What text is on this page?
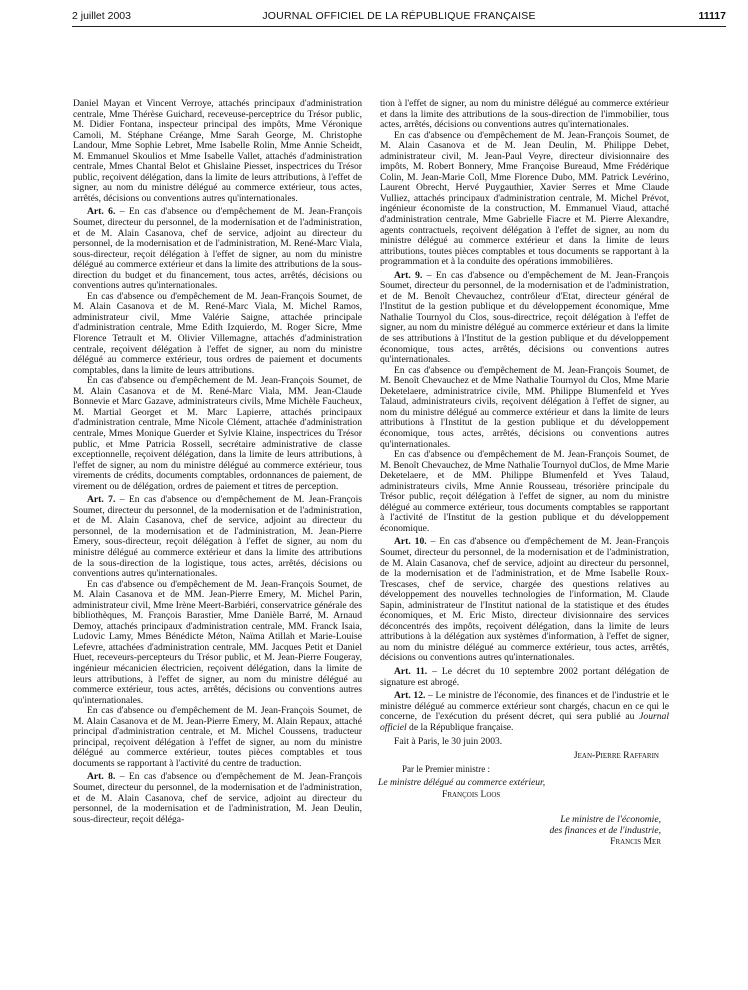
2 juillet 2003	JOURNAL OFFICIEL DE LA RÉPUBLIQUE FRANÇAISE	11117

Daniel Mayan et Vincent Verroye, attachés principaux d'administration centrale, Mme Thérèse Guichard, receveuse-perceptrice du Trésor public, M. Didier Fontana, inspecteur principal des impôts, Mme Véronique Camoli, M. Stéphane Créange, Mme Sarah George, M. Christophe Landour, Mme Sophie Lebret, Mme Isabelle Rolin, Mme Annie Scheidt, M. Emmanuel Skoulios et Mme Isabelle Vallet, attachés d'administration centrale, Mmes Chantal Belot et Ghislaine Piesset, inspectrices du Trésor public, reçoivent délégation, dans la limite de leurs attributions, à l'effet de signer, au nom du ministre délégué au commerce extérieur, tous actes, arrêtés, décisions ou conventions autres qu'internationales.

Art. 6. – En cas d'absence ou d'empêchement de M. Jean-François Soumet, directeur du personnel, de la modernisation et de l'administration, et de M. Alain Casanova, chef de service, adjoint au directeur du personnel, de la modernisation et de l'administration, M. René-Marc Viala, sous-directeur, reçoit délégation à l'effet de signer, au nom du ministre délégué au commerce extérieur et dans la limite des attributions de la sous-direction du budget et du financement, tous actes, arrêtés, décisions ou conventions autres qu'internationales.

En cas d'absence ou d'empêchement de M. Jean-François Soumet, de M. Alain Casanova et de M. René-Marc Viala, M. Michel Ramos, administrateur civil, Mme Valérie Saigne, attachée principale d'administration centrale, Mme Edith Izquierdo, M. Roger Sicre, Mme Florence Tetrault et M. Olivier Villemagne, attachés d'administration centrale, reçoivent délégation à l'effet de signer, au nom du ministre délégué au commerce extérieur, tous ordres de paiement et documents comptables, dans la limite de leurs attributions.

En cas d'absence ou d'empêchement de M. Jean-François Soumet, de M. Alain Casanova et de M. René-Marc Viala, MM. Jean-Claude Bonnevie et Marc Gazave, administrateurs civils, Mme Michèle Faucheux, M. Martial Georget et M. Marc Lapierre, attachés principaux d'administration centrale, Mme Nicole Clément, attachée d'administration centrale, Mmes Monique Guerder et Sylvie Klaine, inspectrices du Trésor public, et Mme Patricia Rossell, secrétaire administrative de classe exceptionnelle, reçoivent délégation, dans la limite de leurs attributions, à l'effet de signer, au nom du ministre délégué au commerce extérieur, tous virements de crédits, documents comptables, ordonnances de paiement, de virement ou de délégation, ordres de paiement et titres de perception.

Art. 7. – En cas d'absence ou d'empêchement de M. Jean-François Soumet, directeur du personnel, de la modernisation et de l'administration, et de M. Alain Casanova, chef de service, adjoint au directeur du personnel, de la modernisation et de l'administration, M. Jean-Pierre Emery, sous-directeur, reçoit délégation à l'effet de signer, au nom du ministre délégué au commerce extérieur et dans la limite des attributions de la sous-direction de la logistique, tous actes, arrêtés, décisions ou conventions autres qu'internationales.

En cas d'absence ou d'empêchement de M. Jean-François Soumet, de M. Alain Casanova et de MM. Jean-Pierre Emery, M. Michel Parin, administrateur civil, Mme Irène Meert-Barbiéri, conservatrice générale des bibliothèques, M. François Barastier, Mme Danièle Barré, M. Arnaud Demoy, attachés principaux d'administration centrale, MM. Franck Isaia, Ludovic Lamy, Mmes Bénédicte Méton, Naïma Atillah et Marie-Louise Lefevre, attachées d'administration centrale, MM. Jacques Petit et Daniel Huet, receveurs-percepteurs du Trésor public, et M. Jean-Pierre Fougeray, ingénieur mécanicien électricien, reçoivent délégation, dans la limite de leurs attributions, à l'effet de signer, au nom du ministre délégué au commerce extérieur, tous actes, arrêtés, décisions ou conventions autres qu'internationales.

En cas d'absence ou d'empêchement de M. Jean-François Soumet, de M. Alain Casanova et de M. Jean-Pierre Emery, M. Alain Repaux, attaché principal d'administration centrale, et M. Michel Coussens, traducteur principal, reçoivent délégation à l'effet de signer, au nom du ministre délégué au commerce extérieur, toutes pièces comptables et tous documents se rapportant à l'activité du centre de traduction.

Art. 8. – En cas d'absence ou d'empêchement de M. Jean-François Soumet, directeur du personnel, de la modernisation et de l'administration, et de M. Alain Casanova, chef de service, adjoint au directeur du personnel, de la modernisation et de l'administration, M. Jean Deulin, sous-directeur, reçoit déléga-

tion à l'effet de signer, au nom du ministre délégué au commerce extérieur et dans la limite des attributions de la sous-direction de l'immobilier, tous actes, arrêtés, décisions ou conventions autres qu'internationales.

En cas d'absence ou d'empêchement de M. Jean-François Soumet, de M. Alain Casanova et de M. Jean Deulin, M. Philippe Debet, administrateur civil, M. Jean-Paul Veyre, directeur divisionnaire des impôts, M. Robert Bonnery, Mme Françoise Bureaud, Mme Frédérique Colin, M. Jean-Marie Coll, Mme Florence Dubo, MM. Patrick Levérino, Laurent Obrecht, Hervé Puygauthier, Xavier Serres et Mme Claude Vulliez, attachés principaux d'administration centrale, M. Michel Prévot, ingénieur économiste de la construction, M. Emmanuel Viaud, attaché d'administration centrale, Mme Gabrielle Fiacre et M. Pierre Alexandre, agents contractuels, reçoivent délégation à l'effet de signer, au nom du ministre délégué au commerce extérieur et dans la limite de leurs attributions, toutes pièces comptables et tous documents se rapportant à la programmation et à la conduite des opérations immobilières.

Art. 9. – En cas d'absence ou d'empêchement de M. Jean-François Soumet, directeur du personnel, de la modernisation et de l'administration, et de M. Benoît Chevauchez, contrôleur d'Etat, directeur général de l'Institut de la gestion publique et du développement économique, Mme Nathalie Tournyol du Clos, sous-directrice, reçoit délégation à l'effet de signer, au nom du ministre délégué au commerce extérieur et dans la limite de ses attributions à l'Institut de la gestion publique et du développement économique, tous actes, arrêtés, décisions ou conventions autres qu'internationales.

En cas d'absence ou d'empêchement de M. Jean-François Soumet, de M. Benoît Chevauchez et de Mme Nathalie Tournyol du Clos, Mme Marie Deketelaere, administratrice civile, MM. Philippe Blumenfeld et Yves Talaud, administrateurs civils, reçoivent délégation à l'effet de signer, au nom du ministre délégué au commerce extérieur et dans la limite de leurs attributions à l'Institut de la gestion publique et du développement économique, tous actes, arrêtés, décisions ou conventions autres qu'internationales.

En cas d'absence ou d'empêchement de M. Jean-François Soumet, de M. Benoît Chevauchez, de Mme Nathalie Tournyol duClos, de Mme Marie Deketelaere, et de MM. Philippe Blumenfeld et Yves Talaud, administrateurs civils, Mme Annie Rousseau, trésorière principale du Trésor public, reçoit délégation à l'effet de signer, au nom du ministre délégué au commerce extérieur, tous documents comptables se rapportant à l'activité de l'Institut de la gestion publique et du développement économique.

Art. 10. – En cas d'absence ou d'empêchement de M. Jean-François Soumet, directeur du personnel, de la modernisation et de l'administration, de M. Alain Casanova, chef de service, adjoint au directeur du personnel, de la modernisation et de l'administration, et de Mme Isabelle Roux-Trescases, chef de service, chargée des questions relatives au développement des nouvelles technologies de l'information, M. Claude Sapin, administrateur de l'Institut national de la statistique et des études économiques, et M. Eric Misto, directeur divisionnaire des services déconcentrés des impôts, reçoivent délégation, dans la limite de leurs attributions à la délégation aux systèmes d'information, à l'effet de signer, au nom du ministre délégué au commerce extérieur, tous actes, arrêtés, décisions ou conventions autres qu'internationales.

Art. 11. – Le décret du 10 septembre 2002 portant délégation de signature est abrogé.

Art. 12. – Le ministre de l'économie, des finances et de l'industrie et le ministre délégué au commerce extérieur sont chargés, chacun en ce qui le concerne, de l'exécution du présent décret, qui sera publié au Journal officiel de la République française.

Fait à Paris, le 30 juin 2003.

Jean-Pierre Raffarin
Par le Premier ministre :
Le ministre délégué au commerce extérieur,
François Loos
Le ministre de l'économie,
des finances et de l'industrie,
Francis Mer
